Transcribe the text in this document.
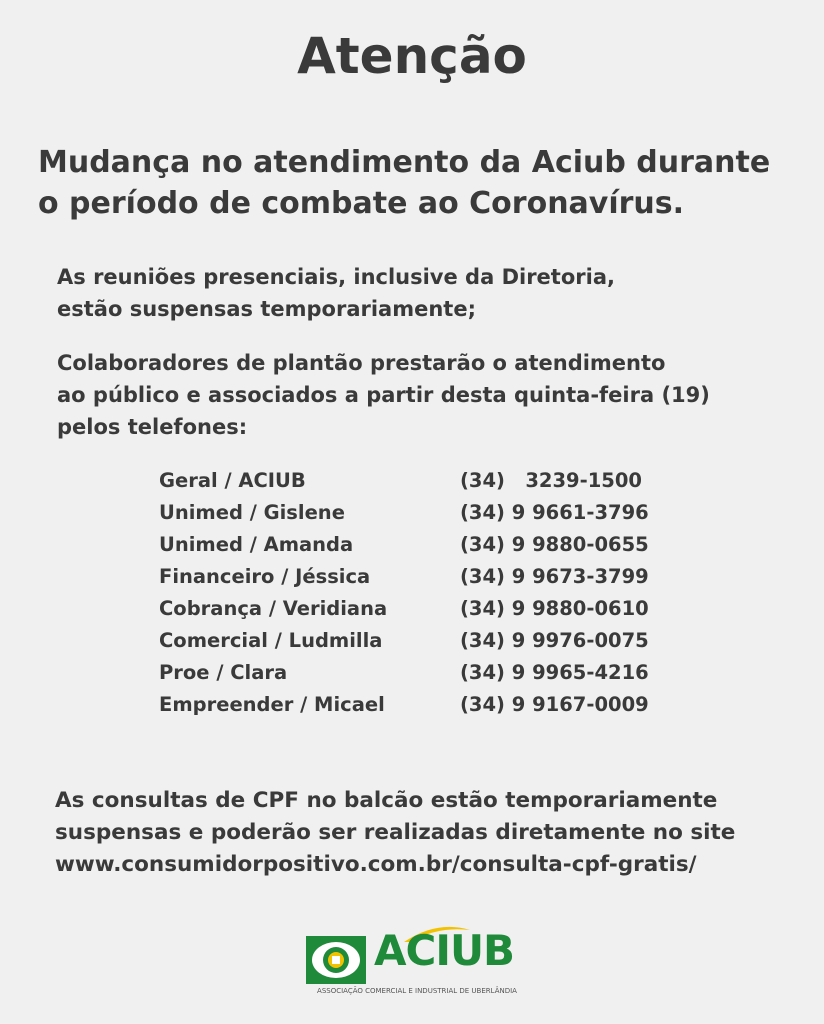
Atenção
Mudança no atendimento da Aciub durante
o período de combate ao Coronavírus.
As reuniões presenciais, inclusive da Diretoria,
estão suspensas temporariamente;
Colaboradores de plantão prestarão o atendimento
ao público e associados a partir desta quinta-feira (19)
pelos telefones:
Geral / ACIUB	(34)   3239-1500
Unimed / Gislene	(34) 9 9661-3796
Unimed / Amanda	(34) 9 9880-0655
Financeiro / Jéssica	(34) 9 9673-3799
Cobrança / Veridiana	(34) 9 9880-0610
Comercial / Ludmilla	(34) 9 9976-0075
Proe / Clara	(34) 9 9965-4216
Empreender / Micael	(34) 9 9167-0009
As consultas de CPF no balcão estão temporariamente
suspensas e poderão ser realizadas diretamente no site
www.consumidorpositivo.com.br/consulta-cpf-gratis/
ACIUB
ASSOCIAÇÃO COMERCIAL E INDUSTRIAL DE UBERLÂNDIA
